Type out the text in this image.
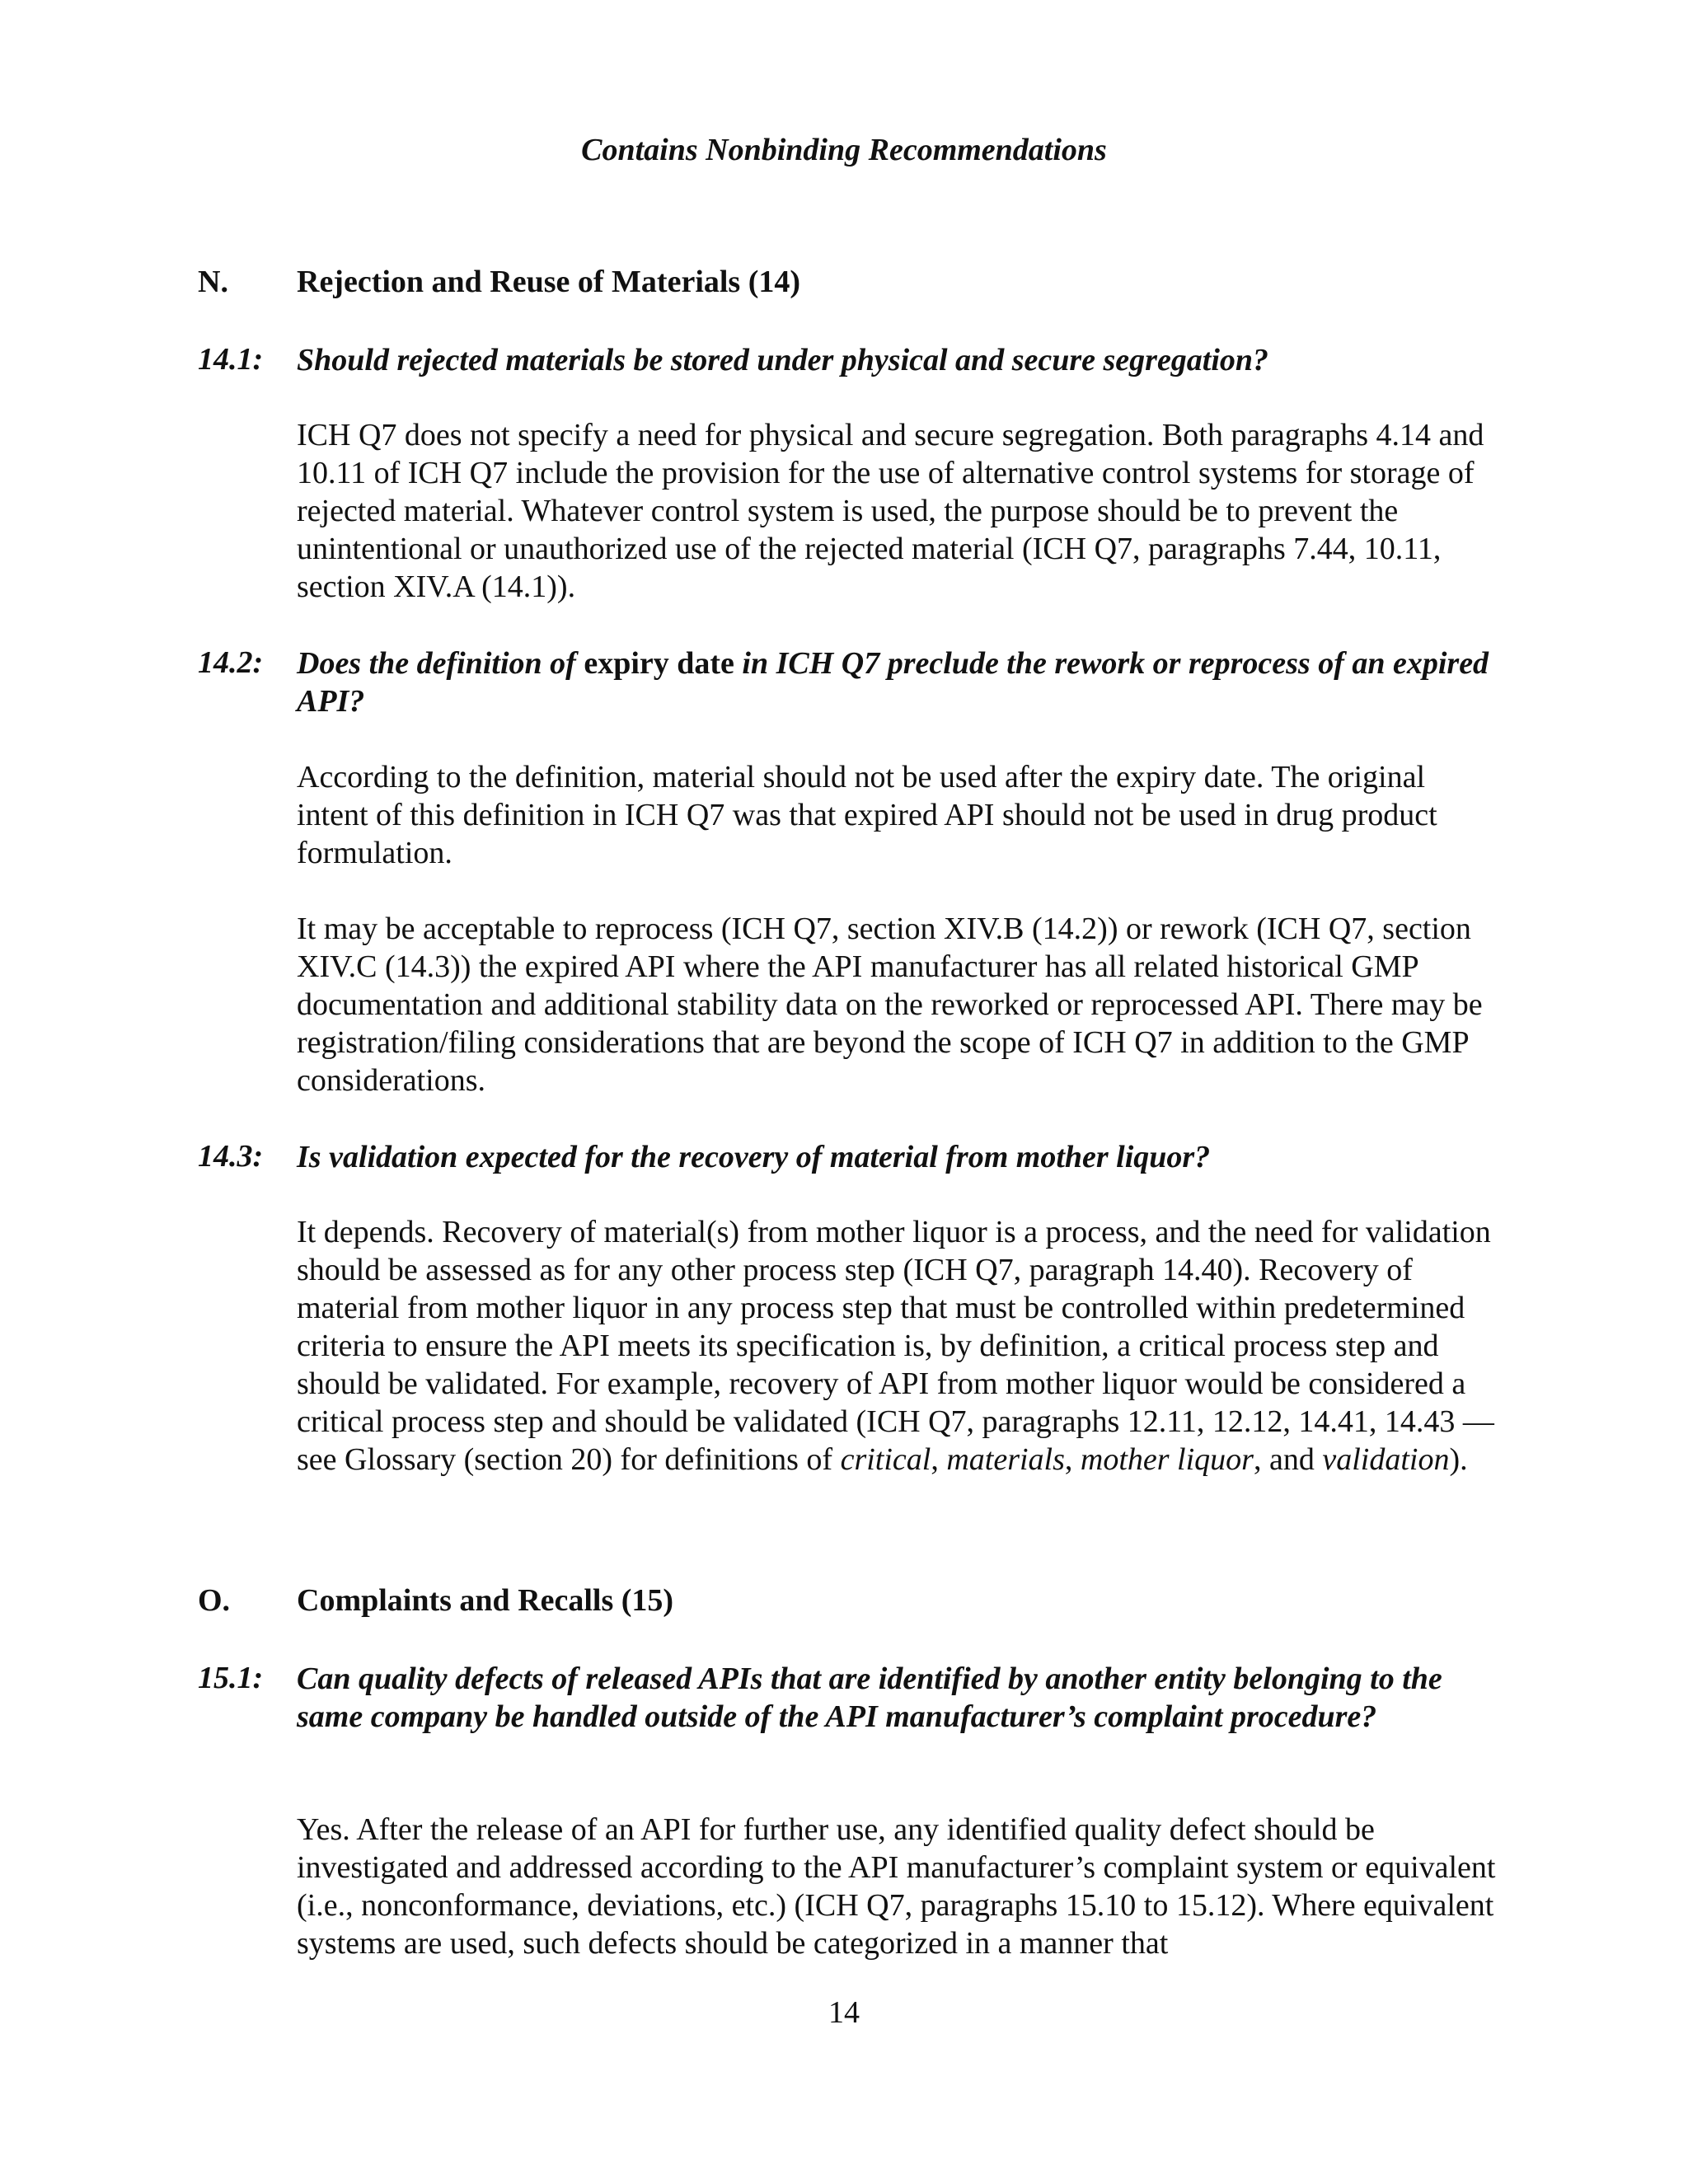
Contains Nonbinding Recommendations
N. Rejection and Reuse of Materials (14)
14.1: Should rejected materials be stored under physical and secure segregation?
ICH Q7 does not specify a need for physical and secure segregation. Both paragraphs 4.14 and 10.11 of ICH Q7 include the provision for the use of alternative control systems for storage of rejected material. Whatever control system is used, the purpose should be to prevent the unintentional or unauthorized use of the rejected material (ICH Q7, paragraphs 7.44, 10.11, section XIV.A (14.1)).
14.2: Does the definition of expiry date in ICH Q7 preclude the rework or reprocess of an expired API?
According to the definition, material should not be used after the expiry date. The original intent of this definition in ICH Q7 was that expired API should not be used in drug product formulation.
It may be acceptable to reprocess (ICH Q7, section XIV.B (14.2)) or rework (ICH Q7, section XIV.C (14.3)) the expired API where the API manufacturer has all related historical GMP documentation and additional stability data on the reworked or reprocessed API. There may be registration/filing considerations that are beyond the scope of ICH Q7 in addition to the GMP considerations.
14.3: Is validation expected for the recovery of material from mother liquor?
It depends. Recovery of material(s) from mother liquor is a process, and the need for validation should be assessed as for any other process step (ICH Q7, paragraph 14.40). Recovery of material from mother liquor in any process step that must be controlled within predetermined criteria to ensure the API meets its specification is, by definition, a critical process step and should be validated. For example, recovery of API from mother liquor would be considered a critical process step and should be validated (ICH Q7, paragraphs 12.11, 12.12, 14.41, 14.43 — see Glossary (section 20) for definitions of critical, materials, mother liquor, and validation).
O. Complaints and Recalls (15)
15.1: Can quality defects of released APIs that are identified by another entity belonging to the same company be handled outside of the API manufacturer’s complaint procedure?
Yes. After the release of an API for further use, any identified quality defect should be investigated and addressed according to the API manufacturer’s complaint system or equivalent (i.e., nonconformance, deviations, etc.) (ICH Q7, paragraphs 15.10 to 15.12). Where equivalent systems are used, such defects should be categorized in a manner that
14
